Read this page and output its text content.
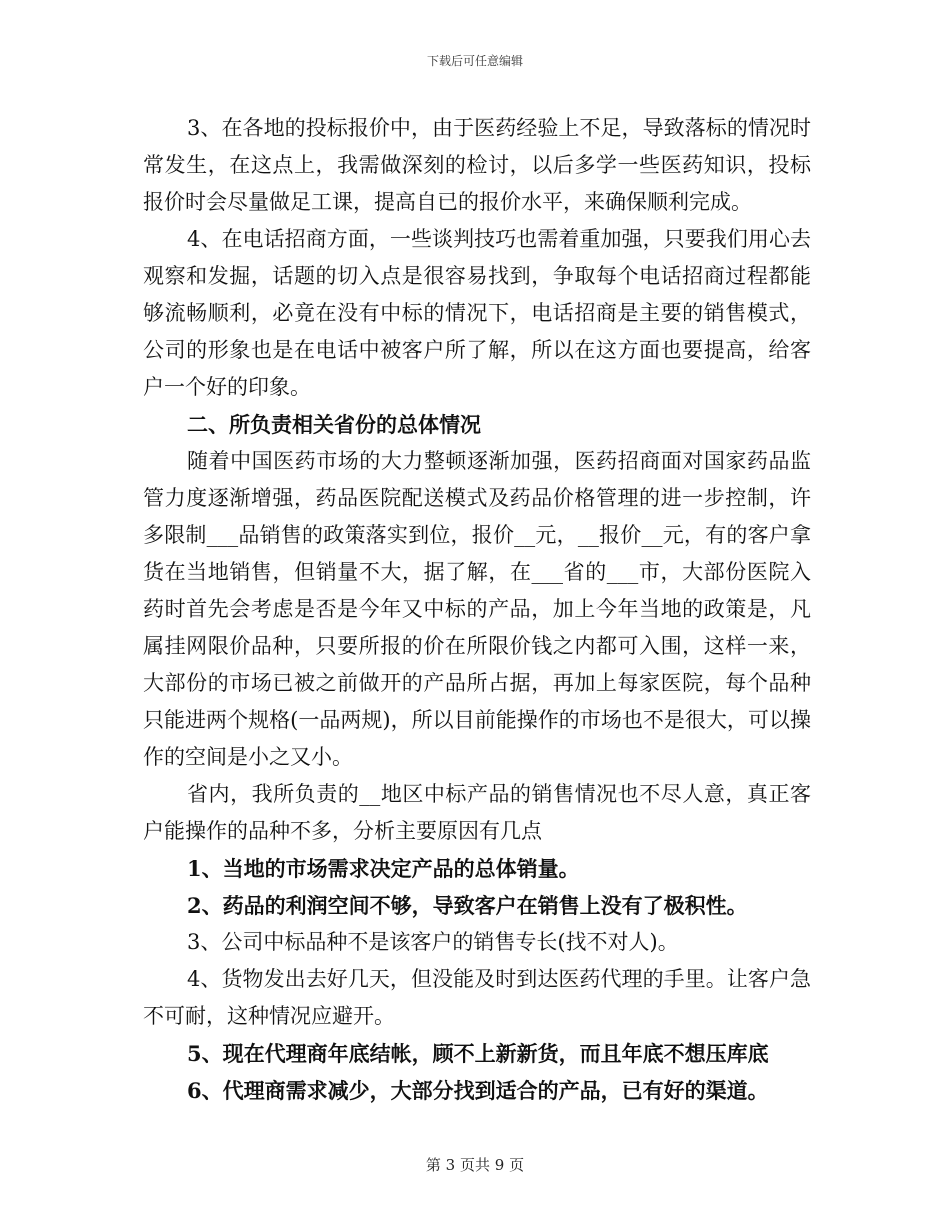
下载后可任意编辑

3、在各地的投标报价中，由于医药经验上不足，导致落标的情况时常发生，在这点上，我需做深刻的检讨，以后多学一些医药知识，投标报价时会尽量做足工课，提高自已的报价水平，来确保顺利完成。

4、在电话招商方面，一些谈判技巧也需着重加强，只要我们用心去观察和发掘，话题的切入点是很容易找到，争取每个电话招商过程都能够流畅顺利，必竟在没有中标的情况下，电话招商是主要的销售模式，公司的形象也是在电话中被客户所了解，所以在这方面也要提高，给客户一个好的印象。

二、所负责相关省份的总体情况

随着中国医药市场的大力整顿逐渐加强，医药招商面对国家药品监管力度逐渐增强，药品医院配送模式及药品价格管理的进一步控制，许多限制___品销售的政策落实到位，报价__元，__报价__元，有的客户拿货在当地销售，但销量不大，据了解，在___省的___市，大部份医院入药时首先会考虑是否是今年又中标的产品，加上今年当地的政策是，凡属挂网限价品种，只要所报的价在所限价钱之内都可入围，这样一来，大部份的市场已被之前做开的产品所占据，再加上每家医院，每个品种只能进两个规格(一品两规)，所以目前能操作的市场也不是很大，可以操作的空间是小之又小。

省内，我所负责的__地区中标产品的销售情况也不尽人意，真正客户能操作的品种不多，分析主要原因有几点

1、当地的市场需求决定产品的总体销量。

2、药品的利润空间不够，导致客户在销售上没有了极积性。

3、公司中标品种不是该客户的销售专长(找不对人)。

4、货物发出去好几天，但没能及时到达医药代理的手里。让客户急不可耐，这种情况应避开。

5、现在代理商年底结帐，顾不上新新货，而且年底不想压库底

6、代理商需求减少，大部分找到适合的产品，已有好的渠道。

第 3 页共 9 页
